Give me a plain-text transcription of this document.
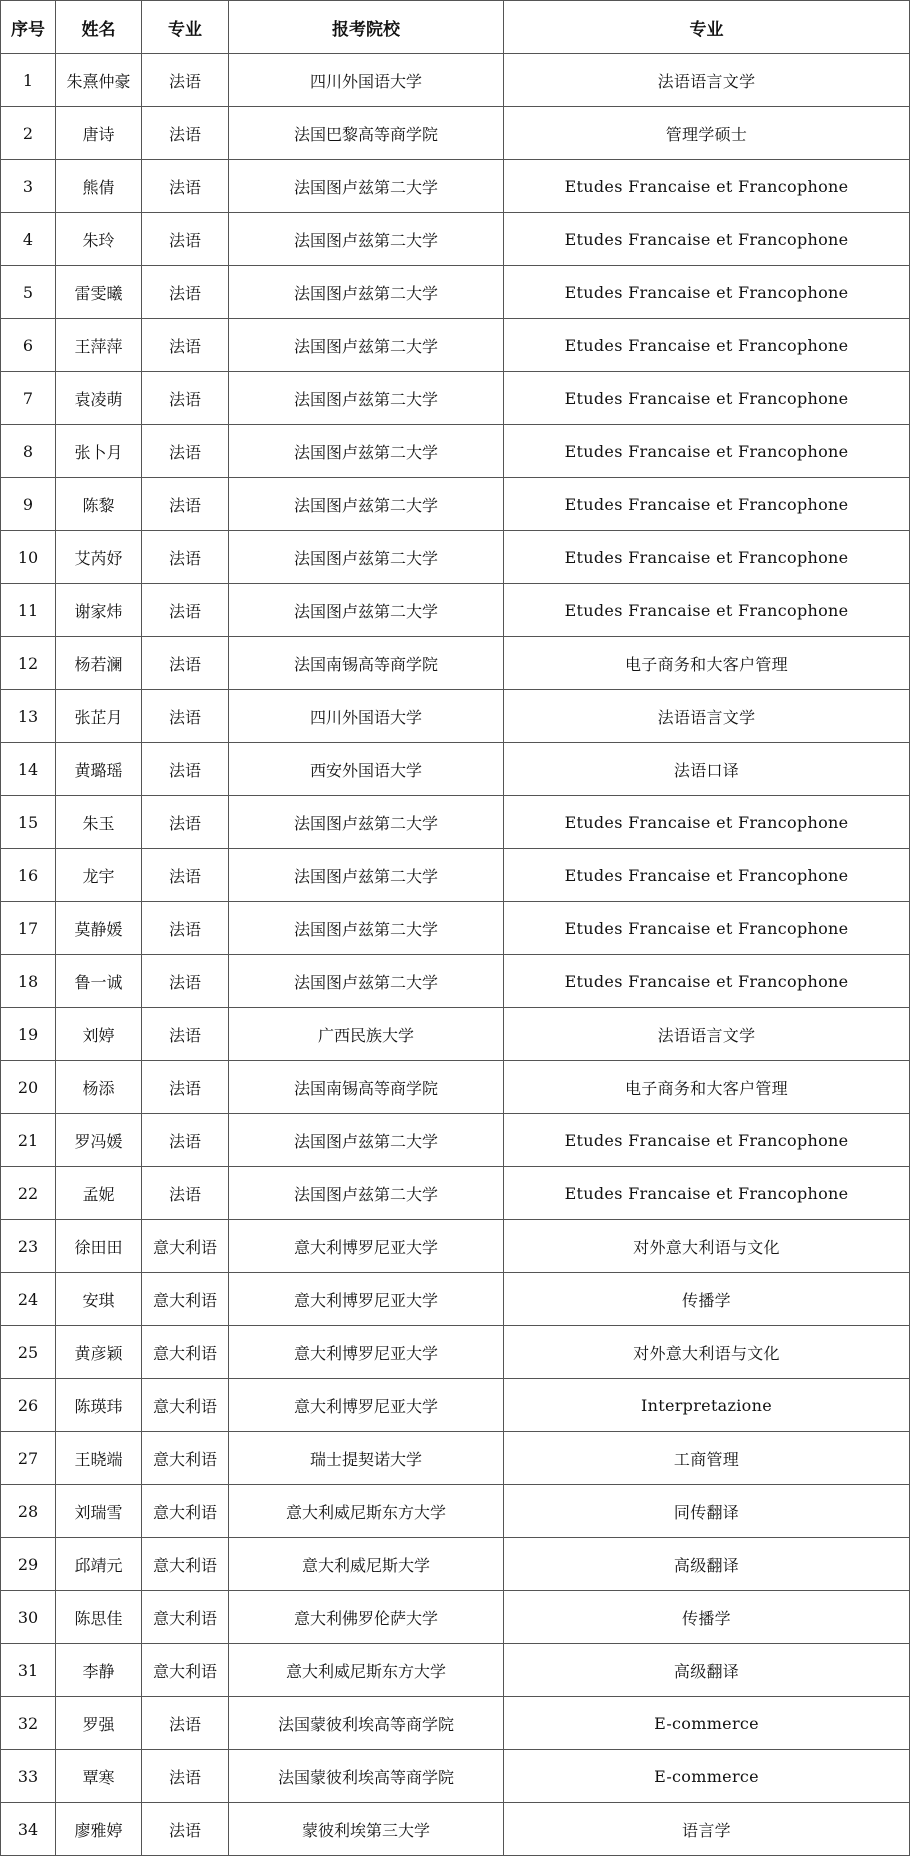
序号	姓名	专业	报考院校	专业
1	朱熹仲豪	法语	四川外国语大学	法语语言文学
2	唐诗	法语	法国巴黎高等商学院	管理学硕士
3	熊倩	法语	法国图卢兹第二大学	Etudes Francaise et Francophone
4	朱玲	法语	法国图卢兹第二大学	Etudes Francaise et Francophone
5	雷雯曦	法语	法国图卢兹第二大学	Etudes Francaise et Francophone
6	王萍萍	法语	法国图卢兹第二大学	Etudes Francaise et Francophone
7	袁凌萌	法语	法国图卢兹第二大学	Etudes Francaise et Francophone
8	张卜月	法语	法国图卢兹第二大学	Etudes Francaise et Francophone
9	陈黎	法语	法国图卢兹第二大学	Etudes Francaise et Francophone
10	艾芮妤	法语	法国图卢兹第二大学	Etudes Francaise et Francophone
11	谢家炜	法语	法国图卢兹第二大学	Etudes Francaise et Francophone
12	杨若澜	法语	法国南锡高等商学院	电子商务和大客户管理
13	张芷月	法语	四川外国语大学	法语语言文学
14	黄璐瑶	法语	西安外国语大学	法语口译
15	朱玉	法语	法国图卢兹第二大学	Etudes Francaise et Francophone
16	龙宇	法语	法国图卢兹第二大学	Etudes Francaise et Francophone
17	莫静媛	法语	法国图卢兹第二大学	Etudes Francaise et Francophone
18	鲁一诚	法语	法国图卢兹第二大学	Etudes Francaise et Francophone
19	刘婷	法语	广西民族大学	法语语言文学
20	杨添	法语	法国南锡高等商学院	电子商务和大客户管理
21	罗冯媛	法语	法国图卢兹第二大学	Etudes Francaise et Francophone
22	孟妮	法语	法国图卢兹第二大学	Etudes Francaise et Francophone
23	徐田田	意大利语	意大利博罗尼亚大学	对外意大利语与文化
24	安琪	意大利语	意大利博罗尼亚大学	传播学
25	黄彦颖	意大利语	意大利博罗尼亚大学	对外意大利语与文化
26	陈瑛玮	意大利语	意大利博罗尼亚大学	Interpretazione
27	王晓端	意大利语	瑞士提契诺大学	工商管理
28	刘瑞雪	意大利语	意大利威尼斯东方大学	同传翻译
29	邱靖元	意大利语	意大利威尼斯大学	高级翻译
30	陈思佳	意大利语	意大利佛罗伦萨大学	传播学
31	李静	意大利语	意大利威尼斯东方大学	高级翻译
32	罗强	法语	法国蒙彼利埃高等商学院	E-commerce
33	覃寒	法语	法国蒙彼利埃高等商学院	E-commerce
34	廖雅婷	法语	蒙彼利埃第三大学	语言学
